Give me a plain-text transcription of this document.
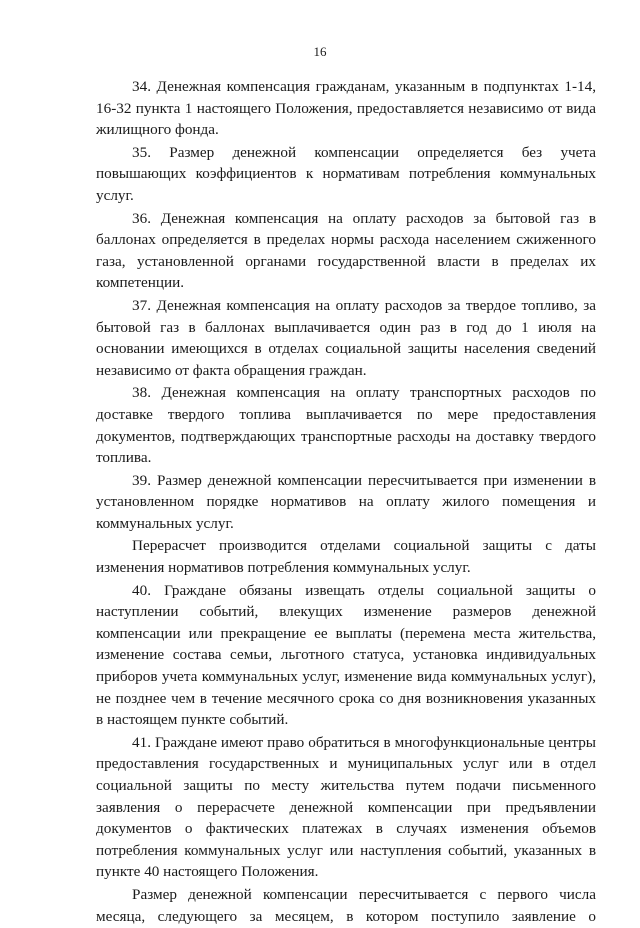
16

34. Денежная компенсация гражданам, указанным в подпунктах 1-14, 16-32 пункта 1 настоящего Положения, предоставляется независимо от вида жилищного фонда.

35. Размер денежной компенсации определяется без учета повышающих коэффициентов к нормативам потребления коммунальных услуг.

36. Денежная компенсация на оплату расходов за бытовой газ в баллонах определяется в пределах нормы расхода населением сжиженного газа, установленной органами государственной власти в пределах их компетенции.

37. Денежная компенсация на оплату расходов за твердое топливо, за бытовой газ в баллонах выплачивается один раз в год до 1 июля на основании имеющихся в отделах социальной защиты населения сведений независимо от факта обращения граждан.

38. Денежная компенсация на оплату транспортных расходов по доставке твердого топлива выплачивается по мере предоставления документов, подтверждающих транспортные расходы на доставку твердого топлива.

39. Размер денежной компенсации пересчитывается при изменении в установленном порядке нормативов на оплату жилого помещения и коммунальных услуг.

Перерасчет производится отделами социальной защиты с даты изменения нормативов потребления коммунальных услуг.

40. Граждане обязаны извещать отделы социальной защиты о наступлении событий, влекущих изменение размеров денежной компенсации или прекращение ее выплаты (перемена места жительства, изменение состава семьи, льготного статуса, установка индивидуальных приборов учета коммунальных услуг, изменение вида коммунальных услуг), не позднее чем в течение месячного срока со дня возникновения указанных в настоящем пункте событий.

41. Граждане имеют право обратиться в многофункциональные центры предоставления государственных и муниципальных услуг или в отдел социальной защиты по месту жительства путем подачи письменного заявления о перерасчете денежной компенсации при предъявлении документов о фактических платежах в случаях изменения объемов потребления коммунальных услуг или наступления событий, указанных в пункте 40 настоящего Положения.

Размер денежной компенсации пересчитывается с первого числа месяца, следующего за месяцем, в котором поступило заявление о
